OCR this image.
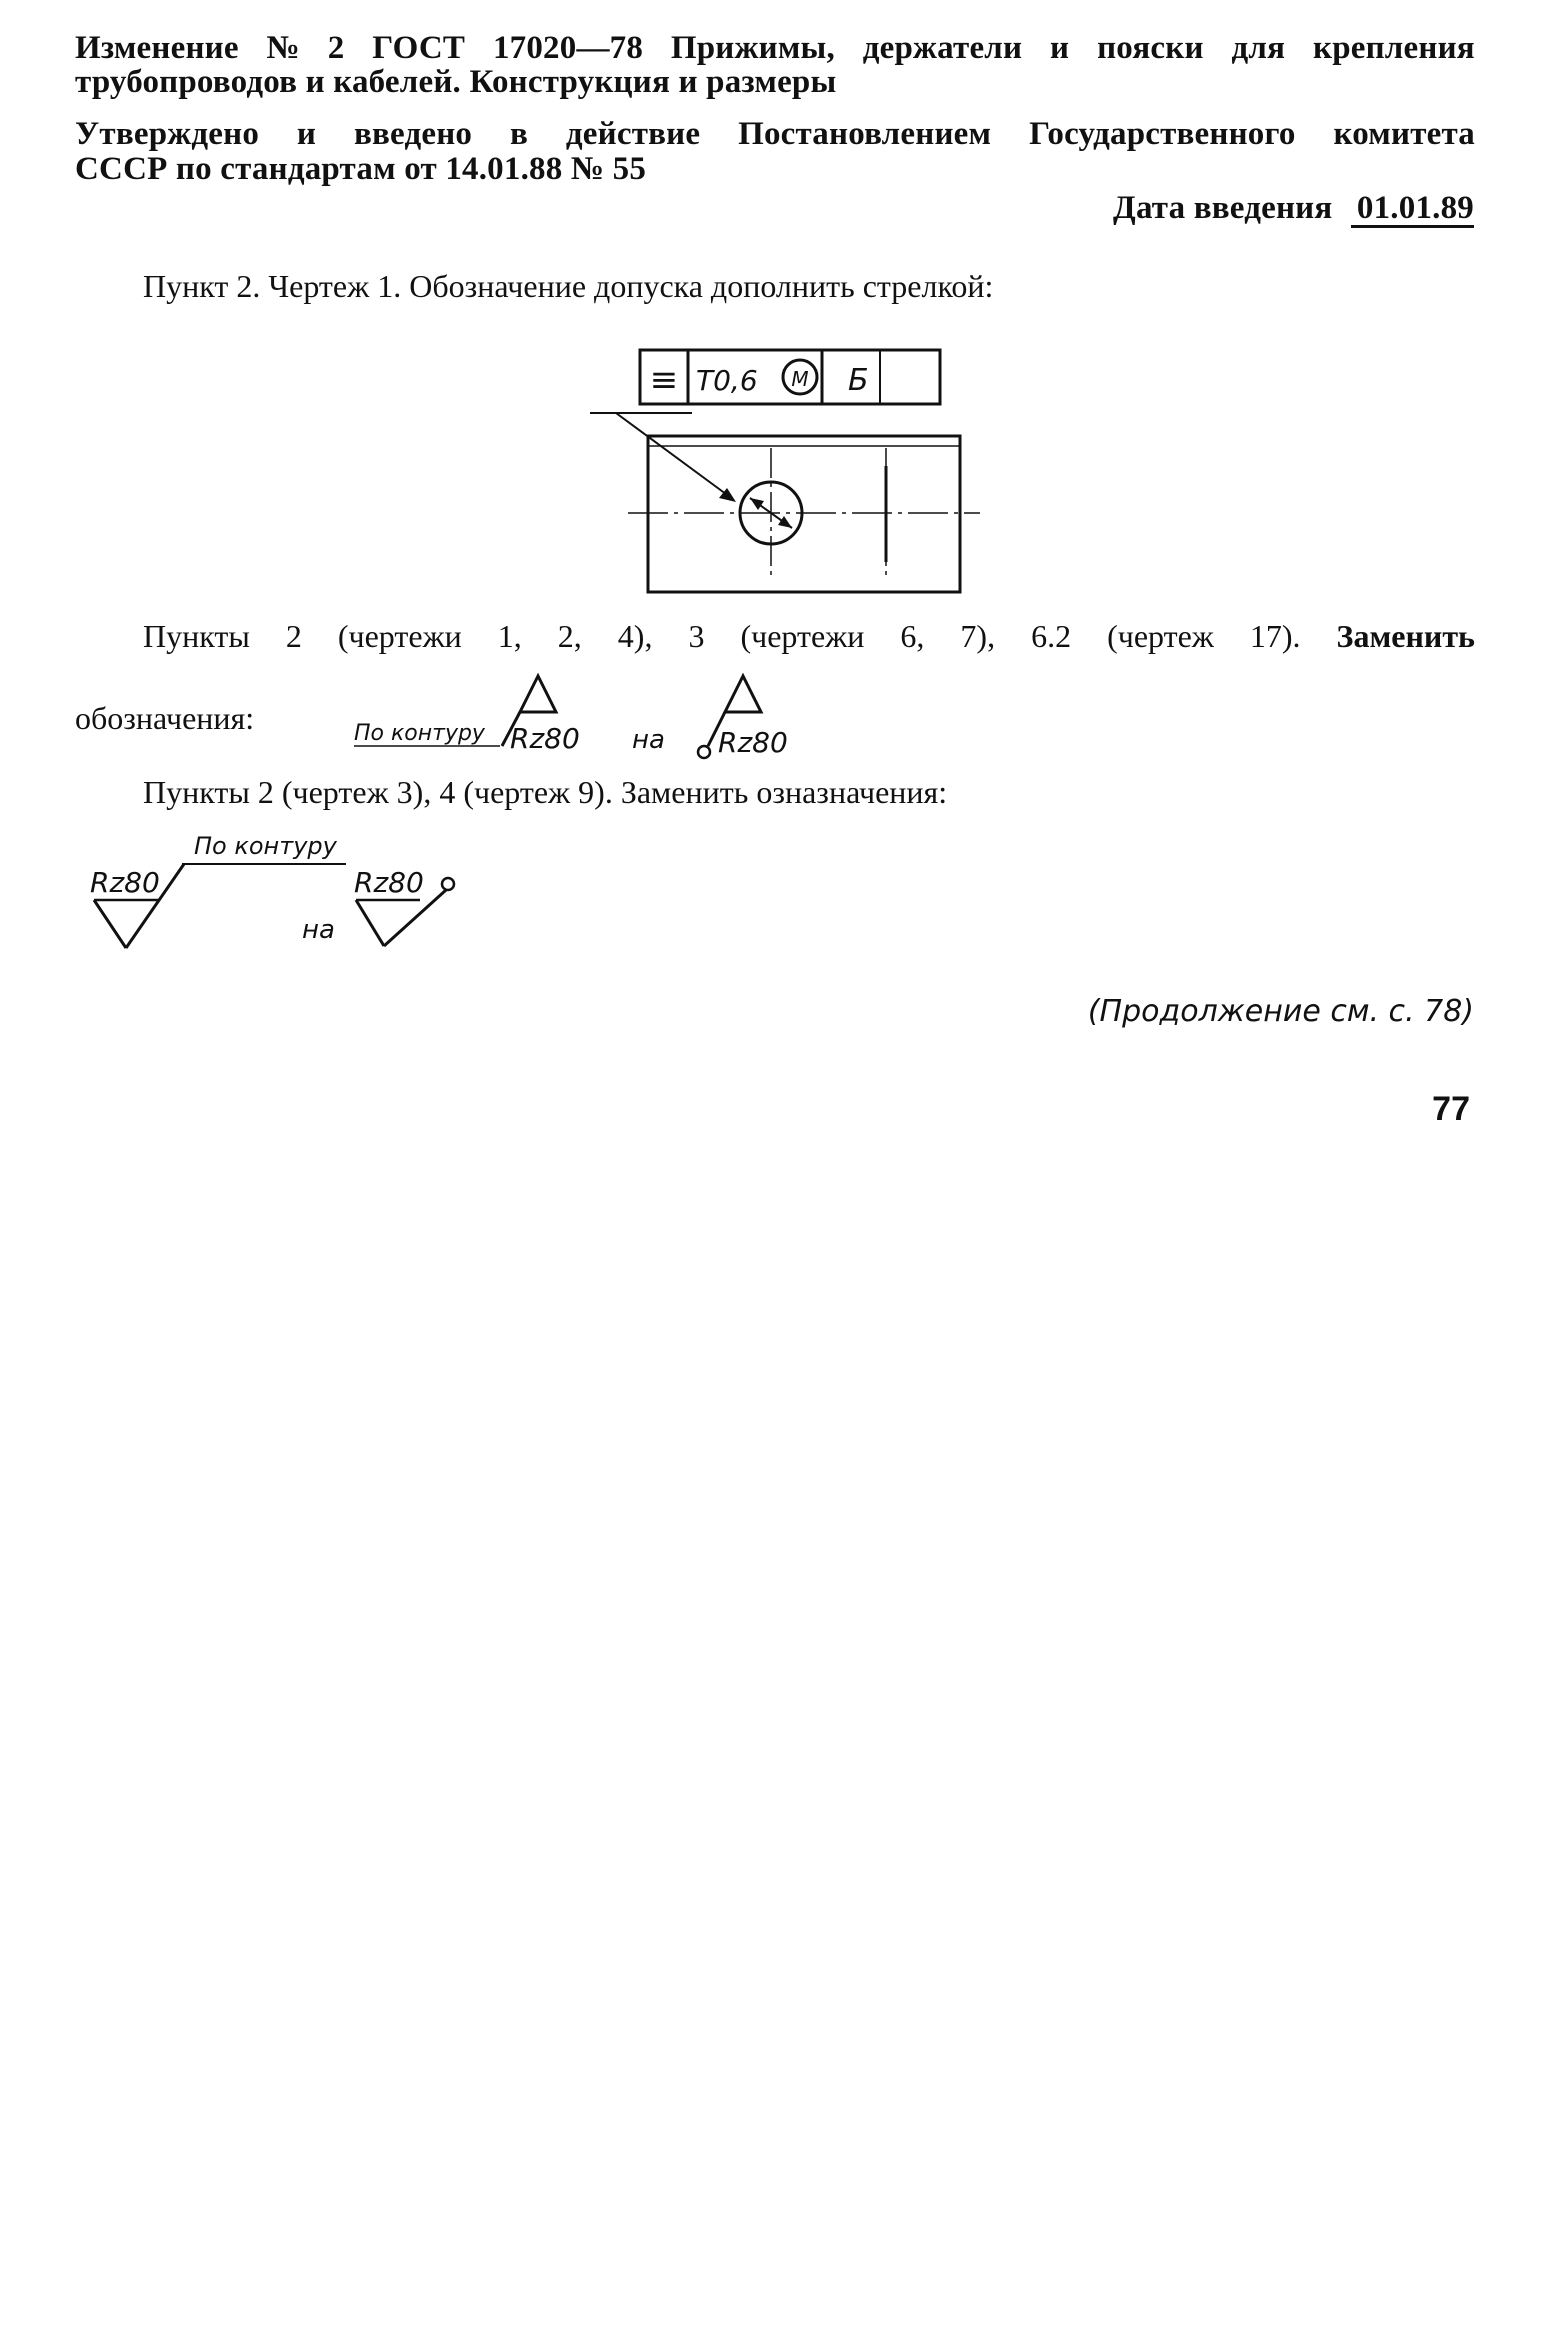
Изменение № 2 ГОСТ 17020—78 Прижимы, держатели и пояски для крепления
трубопроводов и кабелей. Конструкция и размеры
Утверждено и введено в действие Постановлением Государственного комитета
СССР по стандартам от 14.01.88 № 55
Дата введения 01.01.89
Пункт 2. Чертеж 1. Обозначение допуска дополнить стрелкой:
≡ Т0,6 М Б
Пункты 2 (чертежи 1, 2, 4), 3 (чертежи 6, 7), 6.2 (чертеж 17). Заменить
обозначения:	По контуру Rz80 на Rz80
Пункты 2 (чертеж 3), 4 (чертеж 9). Заменить озназначения:
По контуру
Rz80	Rz80
на
(Продолжение см. с. 78)
77
